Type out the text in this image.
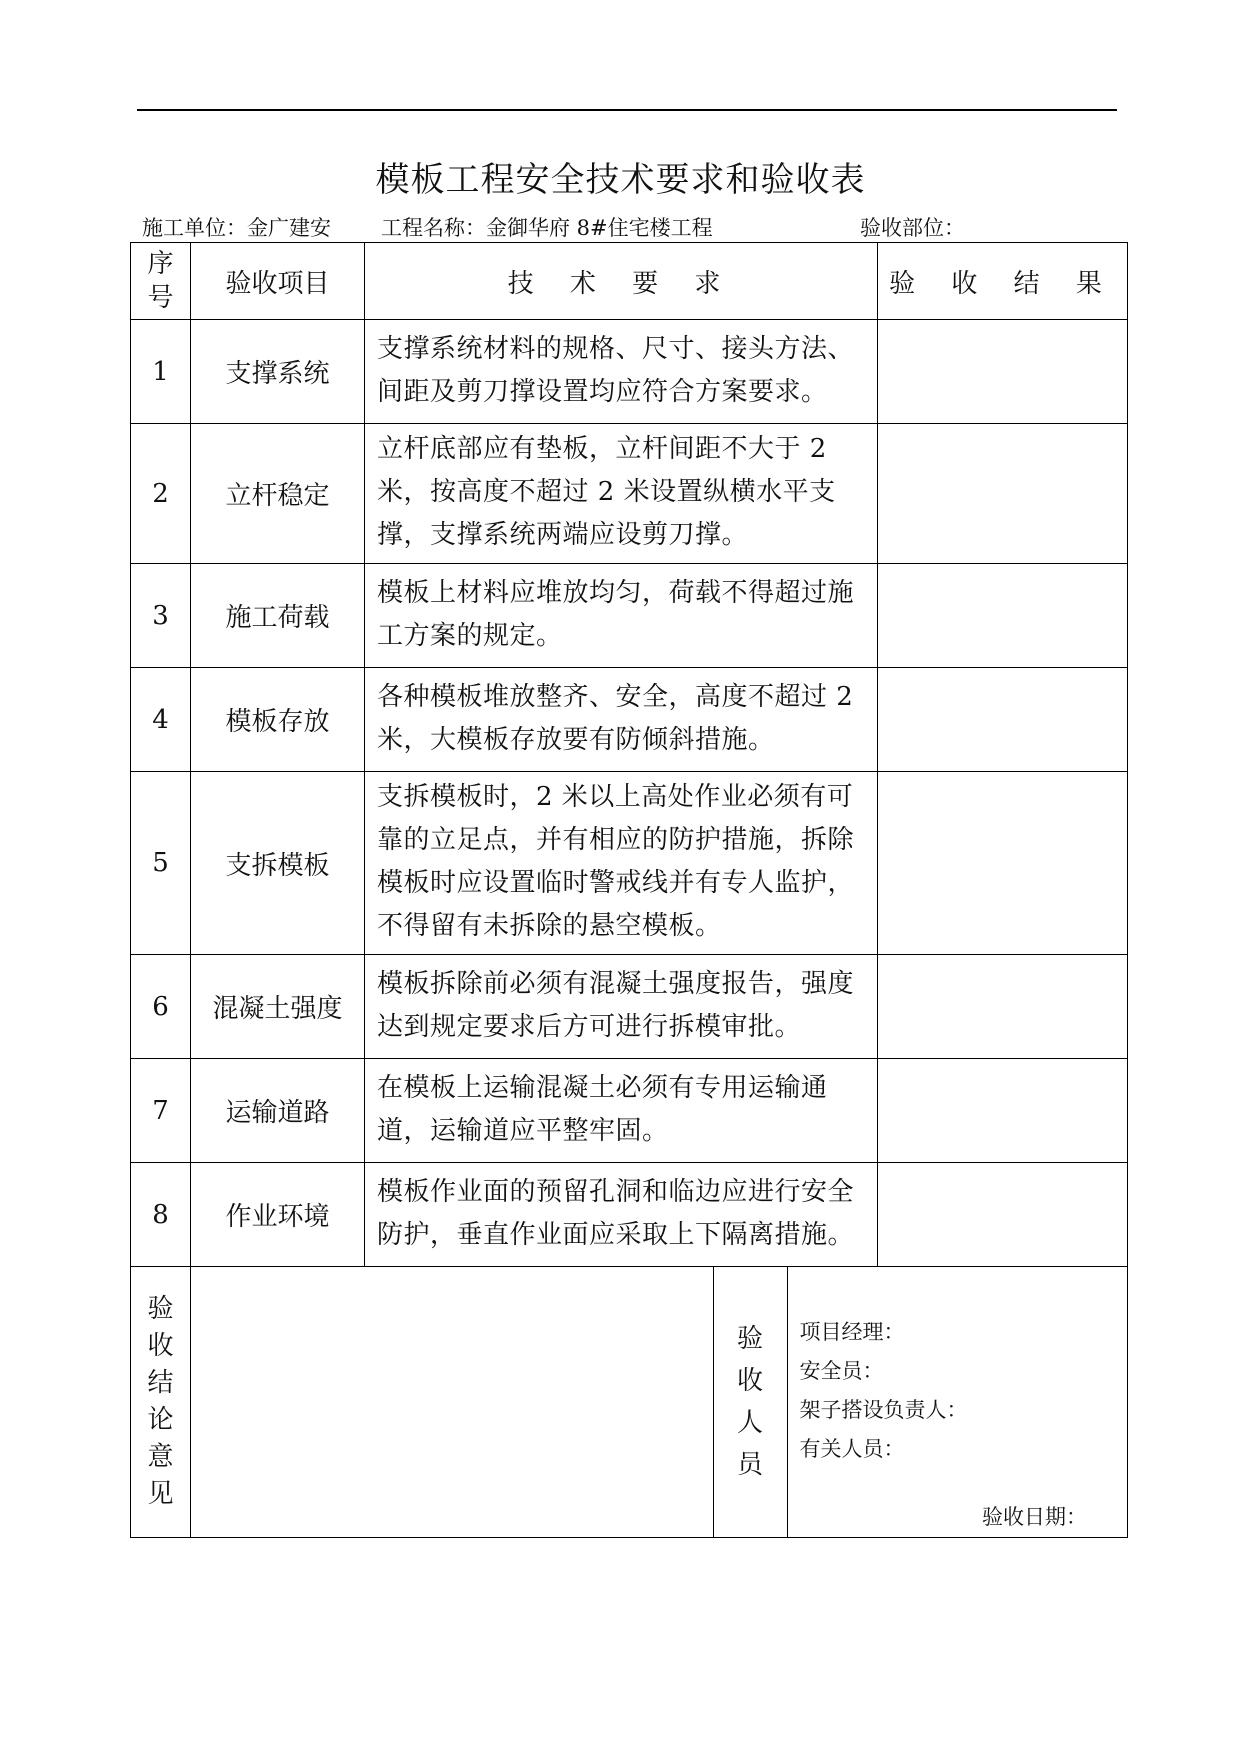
模板工程安全技术要求和验收表
施工单位：金广建安 工程名称：金御华府 8#住宅楼工程	验收部位：
序
号	验收项目	技 术 要 求	验 收 结 果
1	支撑系统	支撑系统材料的规格、尺寸、接头方法、间距及剪刀撑设置均应符合方案要求。	
2	立杆稳定	立杆底部应有垫板，立杆间距不大于 2 米，按高度不超过 2 米设置纵横水平支撑，支撑系统两端应设剪刀撑。	
3	施工荷载	模板上材料应堆放均匀，荷载不得超过施工方案的规定。	
4	模板存放	各种模板堆放整齐、安全，高度不超过 2 米，大模板存放要有防倾斜措施。	
5	支拆模板	支拆模板时，2 米以上高处作业必须有可靠的立足点，并有相应的防护措施，拆除模板时应设置临时警戒线并有专人监护，不得留有未拆除的悬空模板。	
6	混凝土强度	模板拆除前必须有混凝土强度报告，强度达到规定要求后方可进行拆模审批。	
7	运输道路	在模板上运输混凝土必须有专用运输通道，运输道应平整牢固。	
8	作业环境	模板作业面的预留孔洞和临边应进行安全防护，垂直作业面应采取上下隔离措施。	
验
收
结
论
意
见	
	验
收
人
员	
项目经理：
安全员：
架子搭设负责人：
有关人员：
验收日期：
